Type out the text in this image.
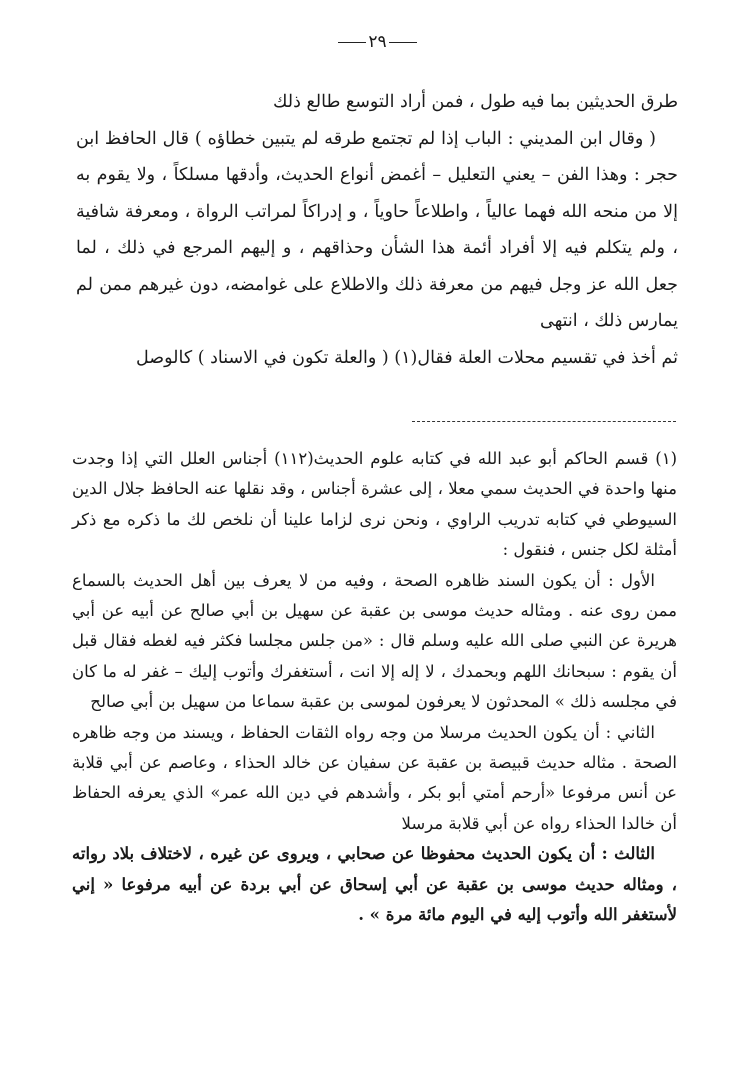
٢٩

طرق الحديثين بما فيه طول ، فمن أراد التوسع طالع ذلك

( وقال ابن المديني : الباب إذا لم تجتمع طرقه لم يتبين خطاؤه ) قال الحافظ ابن حجر : وهذا الفن – يعني التعليل – أغمض أنواع الحديث، وأدقها مسلكاً ، ولا يقوم به إلا من منحه الله فهما عالياً ، واطلاعاً حاوياً ، و إدراكاً لمراتب الرواة ، ومعرفة شافية ، ولم يتكلم فيه إلا أفراد أئمة هذا الشأن وحذاقهم ، و إليهم المرجع في ذلك ، لما جعل الله عز وجل فيهم من معرفة ذلك والاطلاع على غوامضه، دون غيرهم ممن لم يمارس ذلك ، انتهى

ثم أخذ في تقسيم محلات العلة فقال(١) ( والعلة تكون في الاسناد ) كالوصل

(١) قسم الحاكم أبو عبد الله في كتابه علوم الحديث(١١٢) أجناس العلل التي إذا وجدت منها واحدة في الحديث سمي معلا ، إلى عشرة أجناس ، وقد نقلها عنه الحافظ جلال الدين السيوطي في كتابه تدريب الراوي ، ونحن نرى لزاما علينا أن نلخص لك ما ذكره مع ذكر أمثلة لكل جنس ، فنقول :

الأول : أن يكون السند ظاهره الصحة ، وفيه من لا يعرف بين أهل الحديث بالسماع ممن روى عنه . ومثاله حديث موسى بن عقبة عن سهيل بن أبي صالح عن أبيه عن أبي هريرة عن النبي صلى الله عليه وسلم قال : «من جلس مجلسا فكثر فيه لغطه فقال قبل أن يقوم : سبحانك اللهم وبحمدك ، لا إله إلا انت ، أستغفرك وأتوب إليك – غفر له ما كان في مجلسه ذلك » المحدثون لا يعرفون لموسى بن عقبة سماعا من سهيل بن أبي صالح

الثاني : أن يكون الحديث مرسلا من وجه رواه الثقات الحفاظ ، ويسند من وجه ظاهره الصحة . مثاله حديث قبيصة بن عقبة عن سفيان عن خالد الحذاء ، وعاصم عن أبي قلابة عن أنس مرفوعا «أرحم أمتي أبو بكر ، وأشدهم في دين الله عمر» الذي يعرفه الحفاظ أن خالدا الحذاء رواه عن أبي قلابة مرسلا

الثالث : أن يكون الحديث محفوظا عن صحابي ، ويروى عن غيره ، لاختلاف بلاد رواته ، ومثاله حديث موسى بن عقبة عن أبي إسحاق عن أبي بردة عن أبيه مرفوعا « إني لأستغفر الله وأتوب إليه في اليوم مائة مرة » .
